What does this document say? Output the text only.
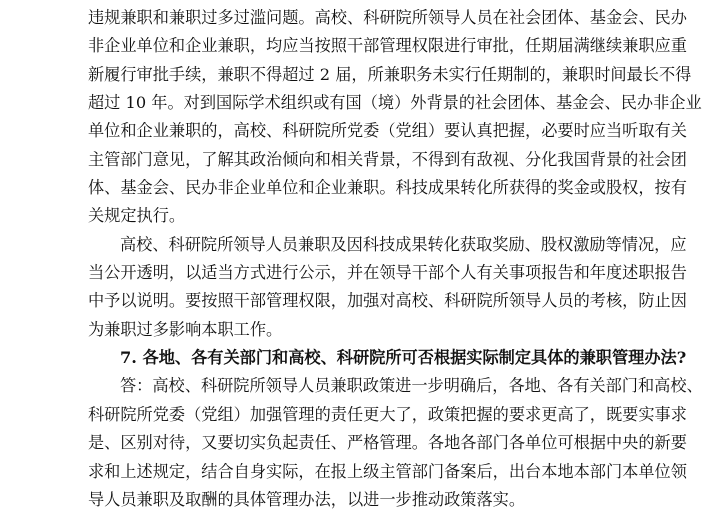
违规兼职和兼职过多过滥问题。高校、科研院所领导人员在社会团体、基金会、民办
非企业单位和企业兼职，均应当按照干部管理权限进行审批，任期届满继续兼职应重
新履行审批手续，兼职不得超过 2 届，所兼职务未实行任期制的，兼职时间最长不得
超过 10 年。对到国际学术组织或有国（境）外背景的社会团体、基金会、民办非企业
单位和企业兼职的，高校、科研院所党委（党组）要认真把握，必要时应当听取有关
主管部门意见，了解其政治倾向和相关背景，不得到有敌视、分化我国背景的社会团
体、基金会、民办非企业单位和企业兼职。科技成果转化所获得的奖金或股权，按有
关规定执行。
高校、科研院所领导人员兼职及因科技成果转化获取奖励、股权激励等情况，应
当公开透明，以适当方式进行公示，并在领导干部个人有关事项报告和年度述职报告
中予以说明。要按照干部管理权限，加强对高校、科研院所领导人员的考核，防止因
为兼职过多影响本职工作。
7. 各地、各有关部门和高校、科研院所可否根据实际制定具体的兼职管理办法?
答：高校、科研院所领导人员兼职政策进一步明确后，各地、各有关部门和高校、
科研院所党委（党组）加强管理的责任更大了，政策把握的要求更高了，既要实事求
是、区别对待，又要切实负起责任、严格管理。各地各部门各单位可根据中央的新要
求和上述规定，结合自身实际，在报上级主管部门备案后，出台本地本部门本单位领
导人员兼职及取酬的具体管理办法，以进一步推动政策落实。
